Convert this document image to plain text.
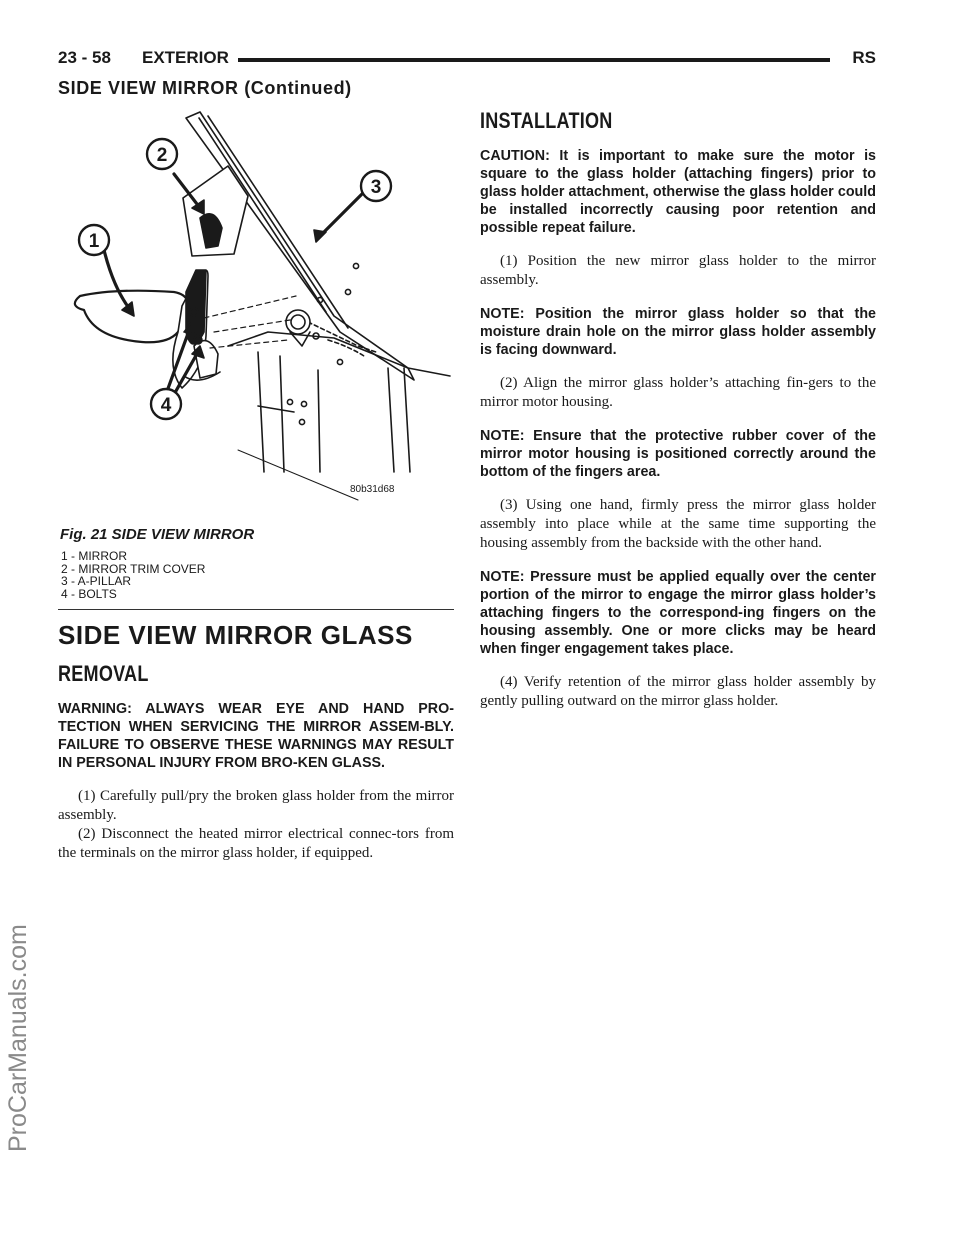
23 - 58 EXTERIOR	RS
SIDE VIEW MIRROR (Continued)
ProCarManuals.com
2
3
1
4
80b31d68
Fig. 21 SIDE VIEW MIRROR
1 - MIRROR
2 - MIRROR TRIM COVER
3 - A-PILLAR
4 - BOLTS
SIDE VIEW MIRROR GLASS
REMOVAL

WARNING: ALWAYS WEAR EYE AND HAND PRO-TECTION WHEN SERVICING THE MIRROR ASSEM-BLY. FAILURE TO OBSERVE THESE WARNINGS MAY RESULT IN PERSONAL INJURY FROM BRO-KEN GLASS.

(1) Carefully pull/pry the broken glass holder from the mirror assembly.

(2) Disconnect the heated mirror electrical connec-tors from the terminals on the mirror glass holder, if equipped.

INSTALLATION

CAUTION: It is important to make sure the motor is square to the glass holder (attaching fingers) prior to glass holder attachment, otherwise the glass holder could be installed incorrectly causing poor retention and possible repeat failure.

(1) Position the new mirror glass holder to the mirror assembly.

NOTE: Position the mirror glass holder so that the moisture drain hole on the mirror glass holder assembly is facing downward.

(2) Align the mirror glass holder’s attaching fin-gers to the mirror motor housing.

NOTE: Ensure that the protective rubber cover of the mirror motor housing is positioned correctly around the bottom of the fingers area.

(3) Using one hand, firmly press the mirror glass holder assembly into place while at the same time supporting the housing assembly from the backside with the other hand.

NOTE: Pressure must be applied equally over the center portion of the mirror to engage the mirror glass holder’s attaching fingers to the correspond-ing fingers on the housing assembly. One or more clicks may be heard when finger engagement takes place.

(4) Verify retention of the mirror glass holder assembly by gently pulling outward on the mirror glass holder.
